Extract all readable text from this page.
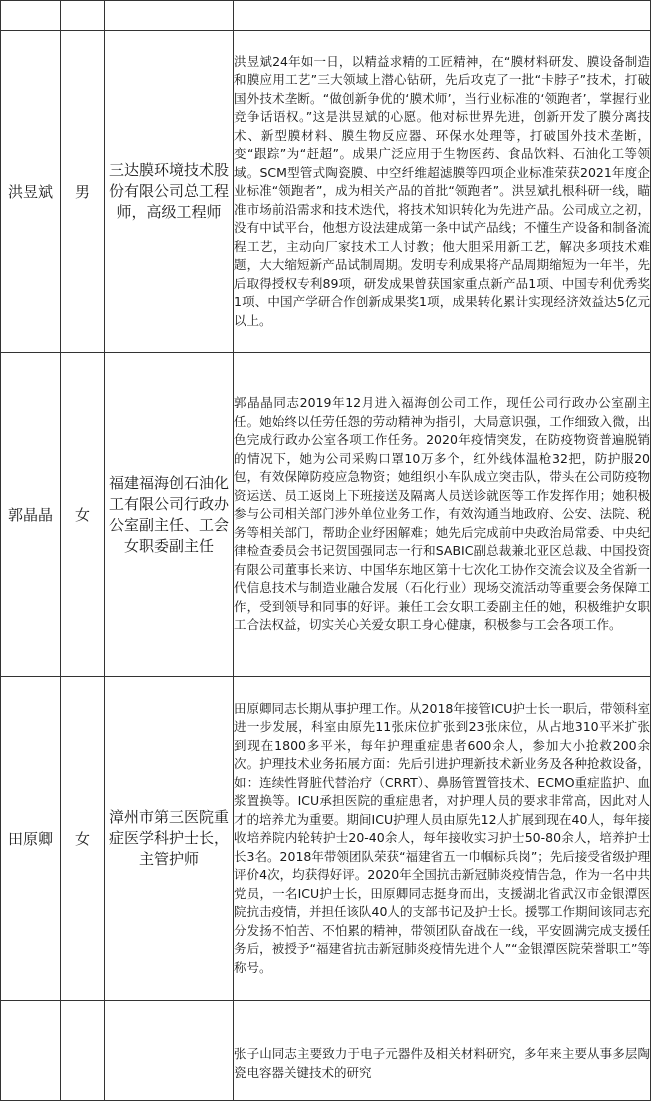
洪昱斌	男	三达膜环境技术股份有限公司总工程师，高级工程师	洪昱斌24年如一日，以精益求精的工匠精神，在“膜材料研发、膜设备制造和膜应用工艺”三大领域上潜心钻研，先后攻克了一批“卡脖子”技术，打破国外技术垄断。“做创新争优的‘膜术师’，当行业标准的‘领跑者’，掌握行业竞争话语权。”这是洪昱斌的心愿。他对标世界先进，创新开发了膜分离技术、新型膜材料、膜生物反应器、环保水处理等，打破国外技术垄断，变“跟踪”为“赶超”。成果广泛应用于生物医药、食品饮料、石油化工等领域。SCM型管式陶瓷膜、中空纤维超滤膜等四项企业标准荣获2021年度企业标准“领跑者”，成为相关产品的首批“领跑者”。洪昱斌扎根科研一线，瞄准市场前沿需求和技术迭代，将技术知识转化为先进产品。公司成立之初，没有中试平台，他想方设法建成第一条中试产品线；不懂生产设备和制备流程工艺，主动向厂家技术工人讨教；他大胆采用新工艺，解决多项技术难题，大大缩短新产品试制周期。发明专利成果将产品周期缩短为一年半，先后取得授权专利89项，研发成果曾获国家重点新产品1项、中国专利优秀奖1项、中国产学研合作创新成果奖1项，成果转化累计实现经济效益达5亿元以上。
郭晶晶	女	福建福海创石油化工有限公司行政办公室副主任、工会女职委副主任	郭晶晶同志2019年12月进入福海创公司工作，现任公司行政办公室副主任。她始终以任劳任怨的劳动精神为指引，大局意识强，工作细致入微，出色完成行政办公室各项工作任务。2020年疫情突发，在防疫物资普遍脱销的情况下，她为公司采购口罩10万多个，红外线体温枪32把，防护服20包，有效保障防疫应急物资；她组织小车队成立突击队，带头在公司防疫物资运送、员工返岗上下班接送及隔离人员送诊就医等工作发挥作用；她积极参与公司相关部门涉外单位业务工作，有效沟通当地政府、公安、法院、税务等相关部门，帮助企业纾困解难；她先后完成前中央政治局常委、中央纪律检查委员会书记贺国强同志一行和SABIC副总裁兼北亚区总裁、中国投资有限公司董事长来访、中国华东地区第十七次化工协作交流会议及全省新一代信息技术与制造业融合发展（石化行业）现场交流活动等重要会务保障工作，受到领导和同事的好评。兼任工会女职工委副主任的她，积极维护女职工合法权益，切实关心关爱女职工身心健康，积极参与工会各项工作。
田原卿	女	漳州市第三医院重症医学科护士长，主管护师	田原卿同志长期从事护理工作。从2018年接管ICU护士长一职后，带领科室进一步发展，科室由原先11张床位扩张到23张床位，从占地310平米扩张到现在1800多平米，每年护理重症患者600余人，参加大小抢救200余次。护理技术业务拓展方面：先后引进护理新技术新业务及各种抢救设备，如：连续性肾脏代替治疗（CRRT）、鼻肠管置管技术、ECMO重症监护、血浆置换等。ICU承担医院的重症患者，对护理人员的要求非常高，因此对人才的培养尤为重要。期间ICU护理人员由原先12人扩展到现在40人，每年接收培养院内轮转护士20-40余人，每年接收实习护士50-80余人，培养护士长3名。2018年带领团队荣获“福建省五一巾帼标兵岗”；先后接受省级护理评价4次，均获得好评。2020年全国抗击新冠肺炎疫情告急，作为一名中共党员，一名ICU护士长，田原卿同志挺身而出，支援湖北省武汉市金银潭医院抗击疫情，并担任该队40人的支部书记及护士长。援鄂工作期间该同志充分发扬不怕苦、不怕累的精神，带领团队奋战在一线，平安圆满完成支援任务后，被授予“福建省抗击新冠肺炎疫情先进个人”“金银潭医院荣誉职工”等称号。
			张子山同志主要致力于电子元器件及相关材料研究，多年来主要从事多层陶瓷电容器关键技术的研究
